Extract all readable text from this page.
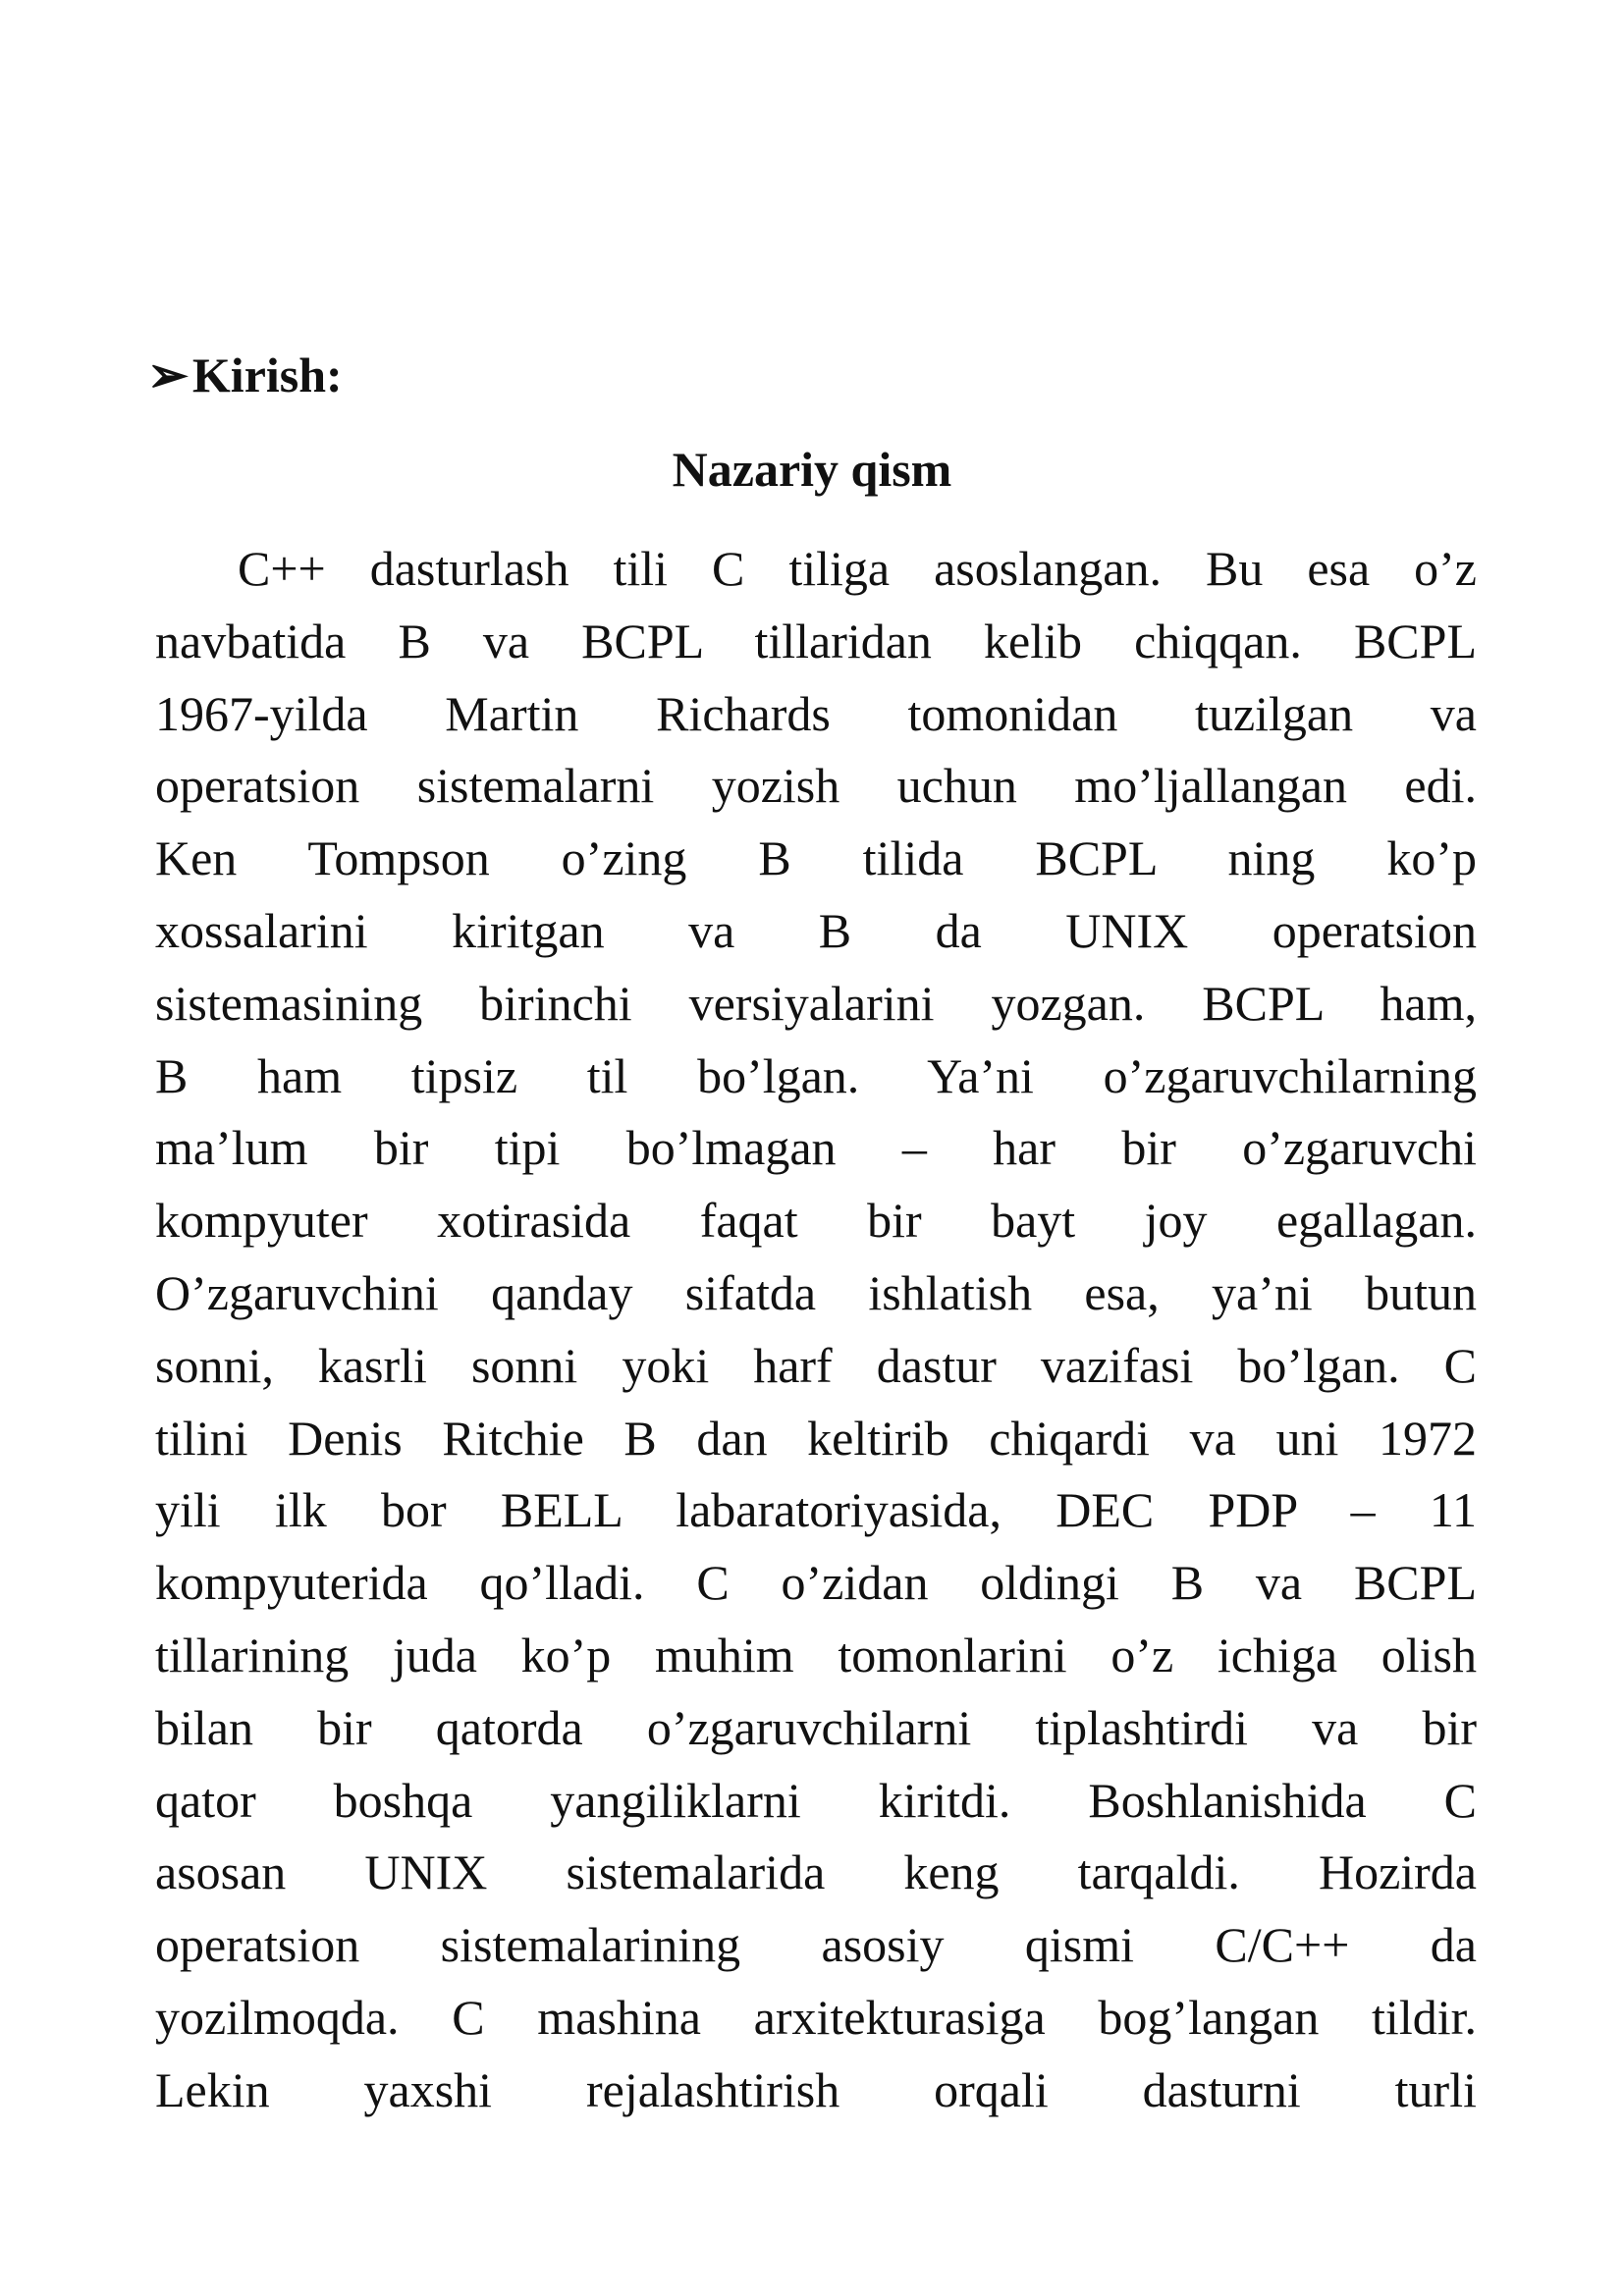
➢Kirish:
Nazariy qism
C++ dasturlash tili C tiliga asoslangan. Bu esa o’z
navbatida B va BCPL tillaridan kelib chiqqan. BCPL
1967-yilda Martin Richards tomonidan tuzilgan va
operatsion sistemalarni yozish uchun mo’ljallangan edi.
Ken Tompson o’zing B tilida BCPL ning ko’p
xossalarini kiritgan va B da UNIX operatsion
sistemasining birinchi versiyalarini yozgan. BCPL ham,
B ham tipsiz til bo’lgan. Ya’ni o’zgaruvchilarning
ma’lum bir tipi bo’lmagan – har bir o’zgaruvchi
kompyuter xotirasida faqat bir bayt joy egallagan.
O’zgaruvchini qanday sifatda ishlatish esa, ya’ni butun
sonni, kasrli sonni yoki harf dastur vazifasi bo’lgan. C
tilini Denis Ritchie B dan keltirib chiqardi va uni 1972
yili ilk bor BELL labaratoriyasida, DEC PDP – 11
kompyuterida qo’lladi. C o’zidan oldingi B va BCPL
tillarining juda ko’p muhim tomonlarini o’z ichiga olish
bilan bir qatorda o’zgaruvchilarni tiplashtirdi va bir
qator boshqa yangiliklarni kiritdi. Boshlanishida C
asosan UNIX sistemalarida keng tarqaldi. Hozirda
operatsion sistemalarining asosiy qismi C/C++ da
yozilmoqda. C mashina arxitekturasiga bog’langan tildir.
Lekin yaxshi rejalashtirish orqali dasturni turli
